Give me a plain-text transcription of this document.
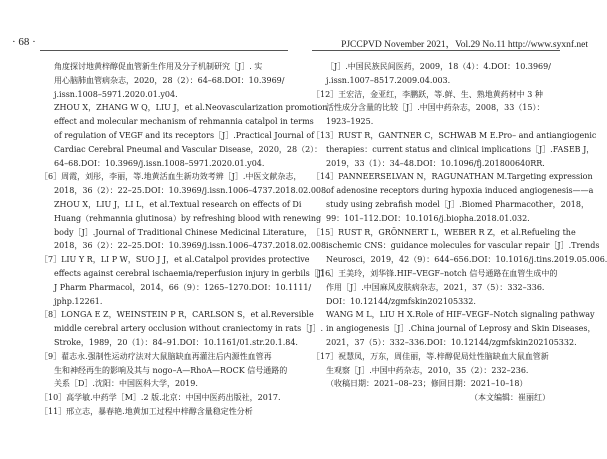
· 68 ·	PJCCPVD November 2021，Vol.29 No.11 http://www.syxnf.net
角度探讨地黄梓醇促血管新生作用及分子机制研究［J］. 实
用心脑肺血管病杂志，2020，28（2）：64–68.DOI：10.3969/
j.issn.1008–5971.2020.01.y04.
ZHOU X，ZHANG W Q，LIU J，et al.Neovascularization promotion
effect and molecular mechanism of rehmannia catalpol in terms
of regulation of VEGF and its receptors［J］.Practical Journal of
Cardiac Cerebral Pneumal and Vascular Disease，2020，28（2）：
64–68.DOI：10.3969/j.issn.1008–5971.2020.01.y04.
［6］周霞，刘彤，李丽，等.地黄活血生新功效考辨［J］.中医文献杂志，
2018，36（2）：22–25.DOI：10.3969/j.issn.1006–4737.2018.02.008.
ZHOU X，LIU J，LI L，et al.Textual research on effects of Di
Huang（rehmannia glutinosa）by refreshing blood with renewing
body［J］.Journal of Traditional Chinese Medicinal Literature，
2018，36（2）：22–25.DOI：10.3969/j.issn.1006–4737.2018.02.008.
［7］LIU Y R，LI P W，SUO J J，et al.Catalpol provides protective
effects against cerebral ischaemia/reperfusion injury in gerbils［J］.
J Pharm Pharmacol，2014，66（9）：1265–1270.DOI：10.1111/
jphp.12261.
［8］LONGA E Z，WEINSTEIN P R，CARLSON S，et al.Reversible
middle cerebral artery occlusion without craniectomy in rats［J］.
Stroke，1989，20（1）：84–91.DOI：10.1161/01.str.20.1.84.
［9］翟志永.强制性运动疗法对大鼠脑缺血再灌注后内源性血管再
生和神经再生的影响及其与 nogo–A—RhoA—ROCK 信号通路的
关系［D］.沈阳：中国医科大学，2019.
［10］高学敏.中药学［M］.2 版.北京：中国中医药出版社，2017.
［11］邢立志，暴春艳.地黄加工过程中梓醇含量稳定性分析
［J］.中国民族民间医药，2009，18（4）：4.DOI：10.3969/
j.issn.1007–8517.2009.04.003.
［12］王宏洁，金亚红，李鹏跃，等.鲜、生、熟地黄药材中 3 种
活性成分含量的比较［J］.中国中药杂志，2008，33（15）：
1923–1925.
［13］RUST R，GANTNER C，SCHWAB M E.Pro– and antiangiogenic
therapies：current status and clinical implications［J］.FASEB J，
2019，33（1）：34–48.DOI：10.1096/fj.201800640RR.
［14］PANNEERSELVAN N，RAGUNATHAN M.Targeting expression
of adenosine receptors during hypoxia induced angiogenesis——a
study using zebrafish model［J］.Biomed Pharmacother，2018，
99：101–112.DOI：10.1016/j.biopha.2018.01.032.
［15］RUST R，GRÖNNERT L，WEBER R Z，et al.Refueling the
ischemic CNS：guidance molecules for vascular repair［J］.Trends
Neurosci，2019，42（9）：644–656.DOI：10.1016/j.tins.2019.05.006.
［16］王美玲，刘华锋.HIF–VEGF–notch 信号通路在血管生成中的
作用［J］.中国麻风皮肤病杂志，2021，37（5）：332–336.
DOI：10.12144/zgmfskin202105332.
WANG M L，LIU H X.Role of HIF–VEGF–Notch signaling pathway
in angiogenesis［J］.China journal of Leprosy and Skin Diseases，
2021，37（5）：332–336.DOI：10.12144/zgmfskin202105332.
［17］祝慧凤，万东，周佳丽，等.梓醇促局灶性脑缺血大鼠血管新
生观察［J］.中国中药杂志，2010，35（2）：232–236.
（收稿日期：2021–08–23；修回日期：2021–10–18）
（本文编辑：崔丽红）
